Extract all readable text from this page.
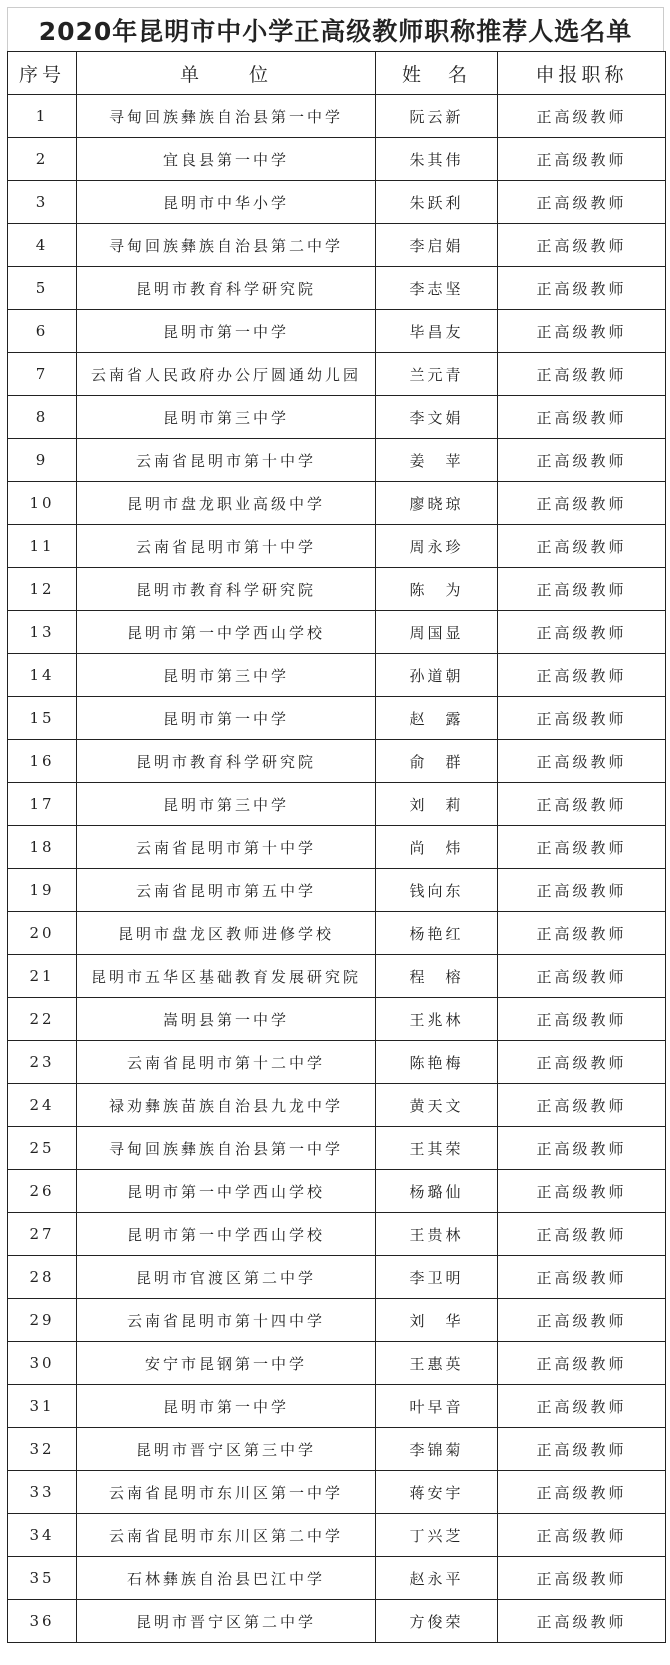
2020年昆明市中小学正高级教师职称推荐人选名单
序号	单　　位	姓　名	申报职称
1	寻甸回族彝族自治县第一中学	阮云新	正高级教师
2	宜良县第一中学	朱其伟	正高级教师
3	昆明市中华小学	朱跃利	正高级教师
4	寻甸回族彝族自治县第二中学	李启娟	正高级教师
5	昆明市教育科学研究院	李志坚	正高级教师
6	昆明市第一中学	毕昌友	正高级教师
7	云南省人民政府办公厅圆通幼儿园	兰元青	正高级教师
8	昆明市第三中学	李文娟	正高级教师
9	云南省昆明市第十中学	姜　苹	正高级教师
10	昆明市盘龙职业高级中学	廖晓琼	正高级教师
11	云南省昆明市第十中学	周永珍	正高级教师
12	昆明市教育科学研究院	陈　为	正高级教师
13	昆明市第一中学西山学校	周国显	正高级教师
14	昆明市第三中学	孙道朝	正高级教师
15	昆明市第一中学	赵　露	正高级教师
16	昆明市教育科学研究院	俞　群	正高级教师
17	昆明市第三中学	刘　莉	正高级教师
18	云南省昆明市第十中学	尚　炜	正高级教师
19	云南省昆明市第五中学	钱向东	正高级教师
20	昆明市盘龙区教师进修学校	杨艳红	正高级教师
21	昆明市五华区基础教育发展研究院	程　榕	正高级教师
22	嵩明县第一中学	王兆林	正高级教师
23	云南省昆明市第十二中学	陈艳梅	正高级教师
24	禄劝彝族苗族自治县九龙中学	黄天文	正高级教师
25	寻甸回族彝族自治县第一中学	王其荣	正高级教师
26	昆明市第一中学西山学校	杨璐仙	正高级教师
27	昆明市第一中学西山学校	王贵林	正高级教师
28	昆明市官渡区第二中学	李卫明	正高级教师
29	云南省昆明市第十四中学	刘　华	正高级教师
30	安宁市昆钢第一中学	王惠英	正高级教师
31	昆明市第一中学	叶早音	正高级教师
32	昆明市晋宁区第三中学	李锦菊	正高级教师
33	云南省昆明市东川区第一中学	蒋安宇	正高级教师
34	云南省昆明市东川区第二中学	丁兴芝	正高级教师
35	石林彝族自治县巴江中学	赵永平	正高级教师
36	昆明市晋宁区第二中学	方俊荣	正高级教师
